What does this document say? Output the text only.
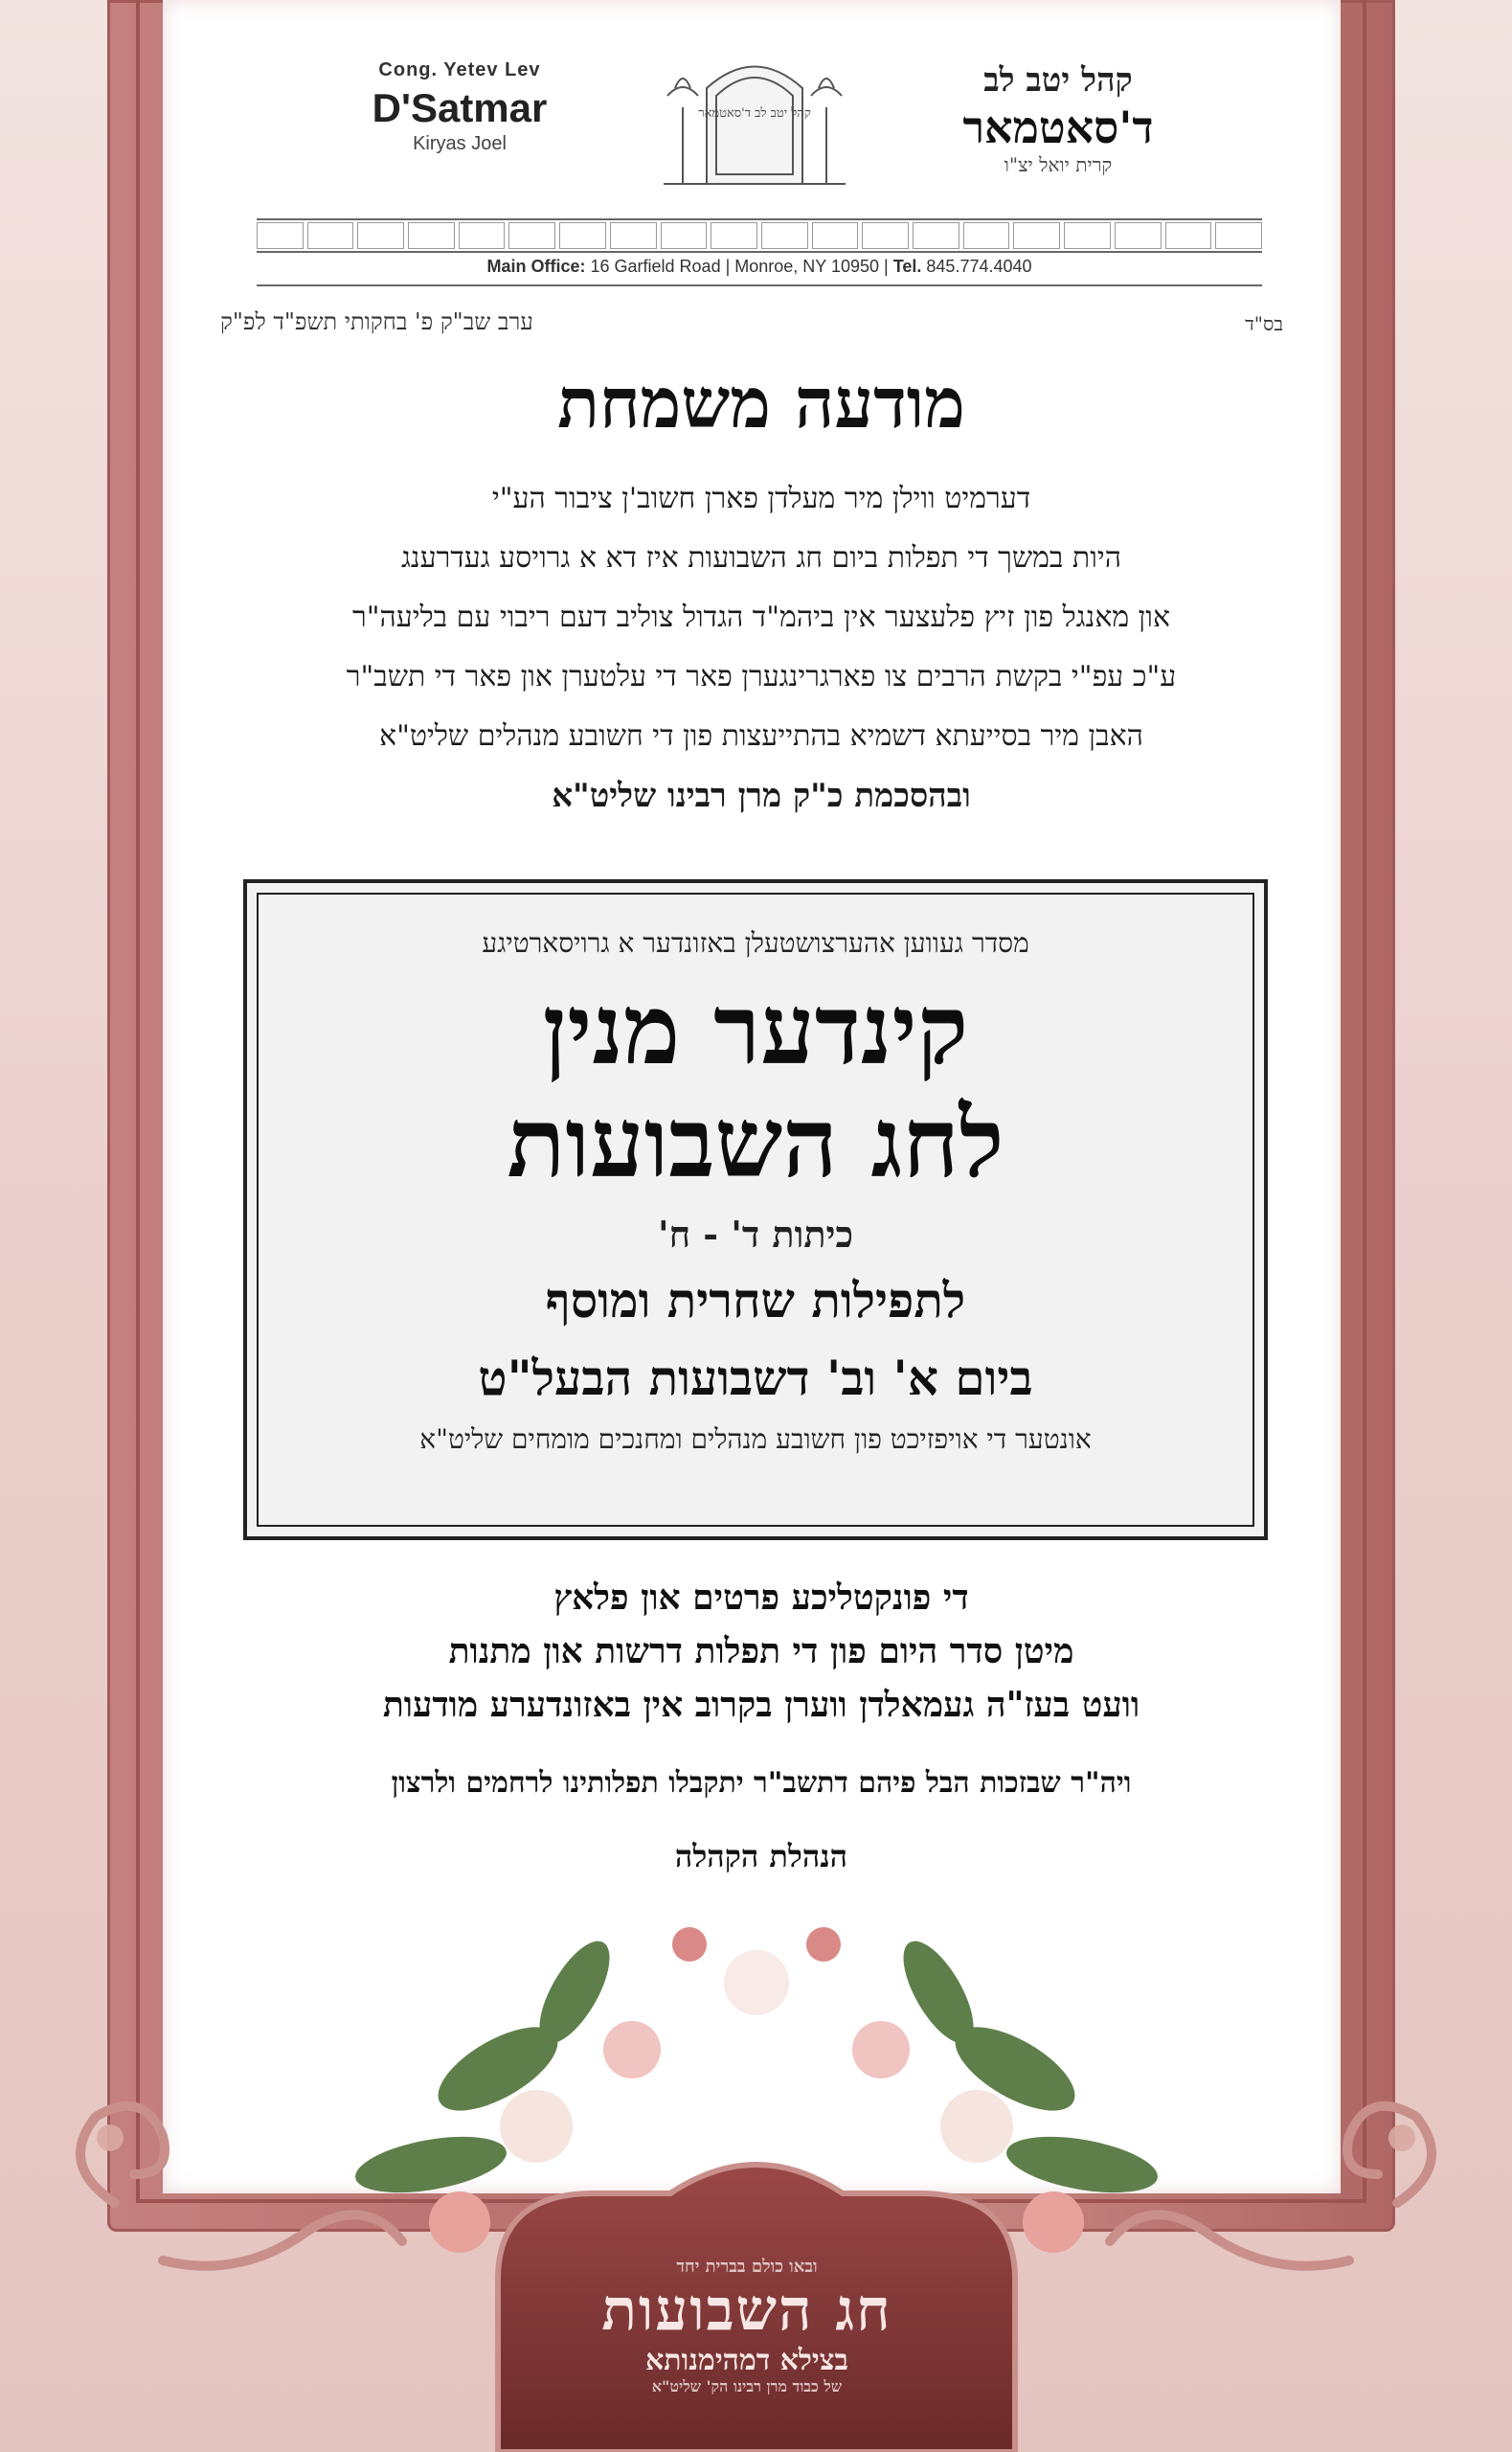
Cong. Yetev Lev
D'Satmar
Kiryas Joel
קהל יטב לב ד'סאטמאר
קהל יטב לב
ד'סאטמאר
קרית יואל יצ"ו
Main Office: 16 Garfield Road | Monroe, NY 10950 | Tel. 845.774.4040
בס"ד
ערב שב"ק פ' בחקותי תשפ"ד לפ"ק
מודעה משמחת
דערמיט ווילן מיר מעלדן פארן חשוב'ן ציבור הע"י
היות במשך די תפלות ביום חג השבועות איז דא א גרויסע געדרענג
און מאנגל פון זיץ פלעצער אין ביהמ"ד הגדול צוליב דעם ריבוי עם בליעה"ר
ע"כ עפ"י בקשת הרבים צו פארגרינגערן פאר די עלטערן און פאר די תשב"ר
האבן מיר בסייעתא דשמיא בהתייעצות פון די חשובע מנהלים שליט"א
ובהסכמת כ"ק מרן רבינו שליט"א
מסדר געווען אהערצושטעלן באזונדער א גרויסארטיגע
קינדער מנין
לחג השבועות
כיתות ד' - ח'
לתפילות שחרית ומוסף
ביום א' וב' דשבועות הבעל"ט
אונטער די אויפזיכט פון חשובע מנהלים ומחנכים מומחים שליט"א
די פונקטליכע פרטים און פלאץ
מיטן סדר היום פון די תפלות דרשות און מתנות
וועט בעז"ה געמאלדן ווערן בקרוב אין באזונדערע מודעות
ויה"ר שבזכות הבל פיהם דתשב"ר יתקבלו תפלותינו לרחמים ולרצון
הנהלת הקהלה
ובאו כולם בברית יחד
חג השבועות
בצילא דמהימנותא
של כבוד מרן רבינו הק' שליט"א
